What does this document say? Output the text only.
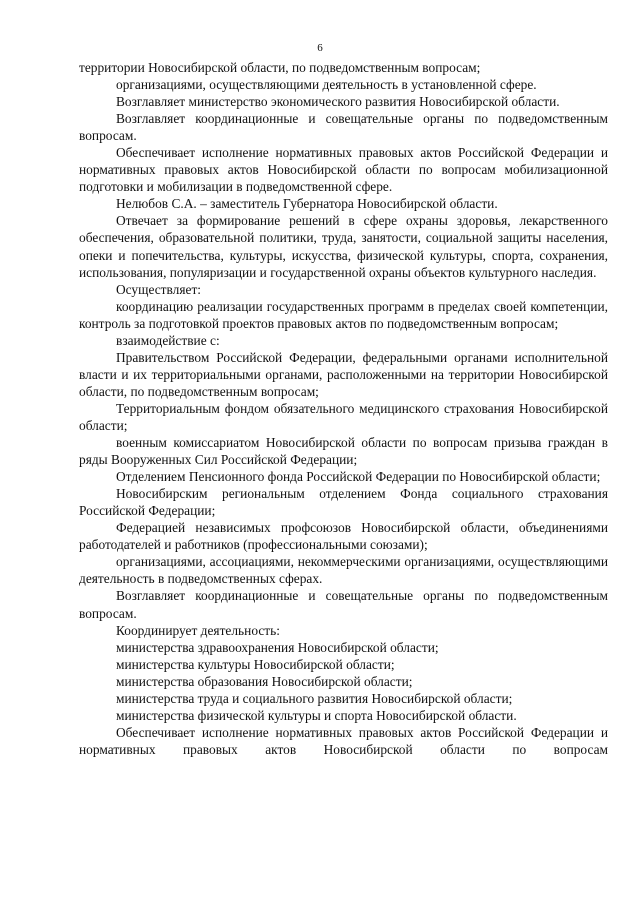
6

территории Новосибирской области, по подведомственным вопросам;

организациями, осуществляющими деятельность в установленной сфере.

Возглавляет министерство экономического развития Новосибирской области.

Возглавляет координационные и совещательные органы по подведомственным вопросам.

Обеспечивает исполнение нормативных правовых актов Российской Федерации и нормативных правовых актов Новосибирской области по вопросам мобилизационной подготовки и мобилизации в подведомственной сфере.

Нелюбов С.А. – заместитель Губернатора Новосибирской области.

Отвечает за формирование решений в сфере охраны здоровья, лекарственного обеспечения, образовательной политики, труда, занятости, социальной защиты населения, опеки и попечительства, культуры, искусства, физической культуры, спорта, сохранения, использования, популяризации и государственной охраны объектов культурного наследия.

Осуществляет:

координацию реализации государственных программ в пределах своей компетенции, контроль за подготовкой проектов правовых актов по подведомственным вопросам;

взаимодействие с:

Правительством Российской Федерации, федеральными органами исполнительной власти и их территориальными органами, расположенными на территории Новосибирской области, по подведомственным вопросам;

Территориальным фондом обязательного медицинского страхования Новосибирской области;

военным комиссариатом Новосибирской области по вопросам призыва граждан в ряды Вооруженных Сил Российской Федерации;

Отделением Пенсионного фонда Российской Федерации по Новосибирской области;

Новосибирским региональным отделением Фонда социального страхования Российской Федерации;

Федерацией независимых профсоюзов Новосибирской области, объединениями работодателей и работников (профессиональными союзами);

организациями, ассоциациями, некоммерческими организациями, осуществляющими деятельность в подведомственных сферах.

Возглавляет координационные и совещательные органы по подведомственным вопросам.

Координирует деятельность:

министерства здравоохранения Новосибирской области;

министерства культуры Новосибирской области;

министерства образования Новосибирской области;

министерства труда и социального развития Новосибирской области;

министерства физической культуры и спорта Новосибирской области.

Обеспечивает исполнение нормативных правовых актов Российской Федерации и нормативных правовых актов Новосибирской области по вопросам
